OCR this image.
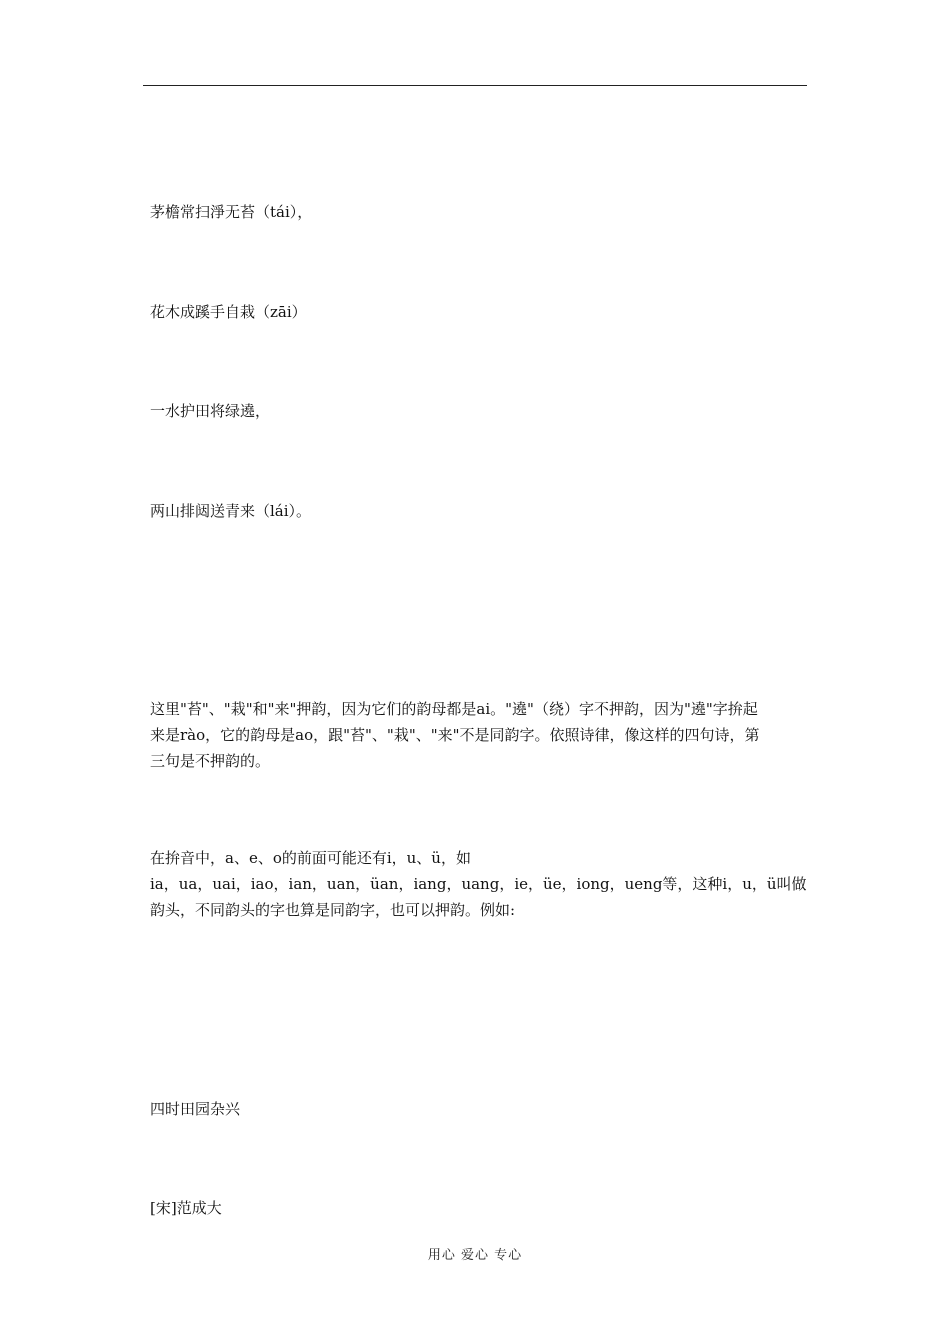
茅檐常扫淨无苔（tái），
花木成蹊手自栽（zāi）
一水护田将绿遶，
两山排闼送青来（lái）。
这里"苔"、"栽"和"来"押韵，因为它们的韵母都是ai。"遶"（绕）字不押韵，因为"遶"字拚起
来是rào，它的韵母是ao，跟"苔"、"栽"、"来"不是同韵字。依照诗律，像这样的四句诗，第
三句是不押韵的。
在拚音中，a、e、o的前面可能还有i，u、ü，如
ia，ua，uai，iao，ian，uan，üan，iang，uang，ie，üe，iong，ueng等，这种i，u，ü叫做
韵头，不同韵头的字也算是同韵字，也可以押韵。例如:
四时田园杂兴
[宋]范成大
用心 爱心 专心
